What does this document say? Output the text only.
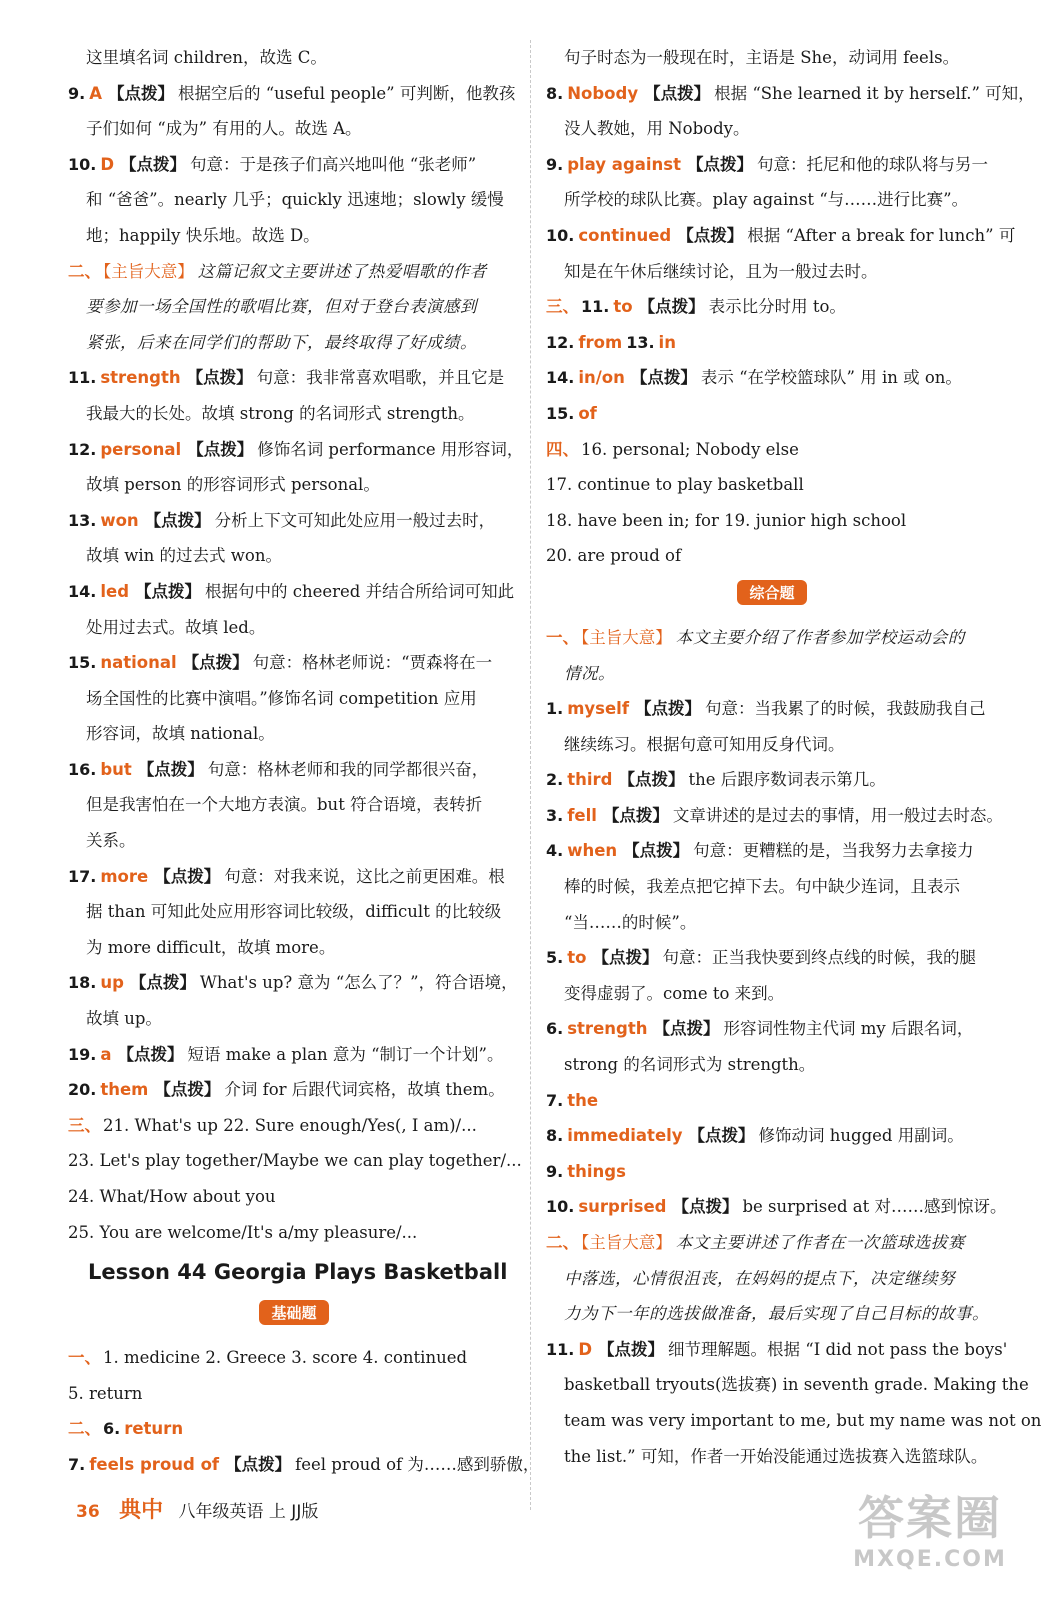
这里填名词 children，故选 C。
9. A 【点拨】 根据空后的 “useful people” 可判断，他教孩
子们如何 “成为” 有用的人。故选 A。
10. D 【点拨】 句意：于是孩子们高兴地叫他 “张老师”
和 “爸爸”。nearly 几乎；quickly 迅速地；slowly 缓慢
地；happily 快乐地。故选 D。
二、 【主旨大意】 这篇记叙文主要讲述了热爱唱歌的作者
要参加一场全国性的歌唱比赛，但对于登台表演感到
紧张，后来在同学们的帮助下，最终取得了好成绩。
11. strength 【点拨】 句意：我非常喜欢唱歌，并且它是
我最大的长处。故填 strong 的名词形式 strength。
12. personal 【点拨】 修饰名词 performance 用形容词，
故填 person 的形容词形式 personal。
13. won 【点拨】 分析上下文可知此处应用一般过去时，
故填 win 的过去式 won。
14. led 【点拨】 根据句中的 cheered 并结合所给词可知此
处用过去式。故填 led。
15. national 【点拨】 句意：格林老师说：“贾森将在一
场全国性的比赛中演唱。”修饰名词 competition 应用
形容词，故填 national。
16. but 【点拨】 句意：格林老师和我的同学都很兴奋，
但是我害怕在一个大地方表演。but 符合语境，表转折
关系。
17. more 【点拨】 句意：对我来说，这比之前更困难。根
据 than 可知此处应用形容词比较级，difficult 的比较级
为 more difficult，故填 more。
18. up 【点拨】 What's up? 意为 “怎么了？”，符合语境，
故填 up。
19. a 【点拨】 短语 make a plan 意为 “制订一个计划”。
20. them 【点拨】 介词 for 后跟代词宾格，故填 them。
三、 21. What's up 22. Sure enough/Yes(, I am)/...
23. Let's play together/Maybe we can play together/...
24. What/How about you
25. You are welcome/It's a/my pleasure/...
Lesson 44 Georgia Plays Basketball
基础题
一、 1. medicine 2. Greece 3. score 4. continued
5. return
二、 6. return
7. feels proud of 【点拨】 feel proud of 为……感到骄傲，
句子时态为一般现在时，主语是 She，动词用 feels。
8. Nobody 【点拨】 根据 “She learned it by herself.” 可知，
没人教她，用 Nobody。
9. play against 【点拨】 句意：托尼和他的球队将与另一
所学校的球队比赛。play against “与……进行比赛”。
10. continued 【点拨】 根据 “After a break for lunch” 可
知是在午休后继续讨论，且为一般过去时。
三、 11. to 【点拨】 表示比分时用 to。
12. from 13. in
14. in/on 【点拨】 表示 “在学校篮球队” 用 in 或 on。
15. of
四、 16. personal; Nobody else
17. continue to play basketball
18. have been in; for 19. junior high school
20. are proud of
综合题
一、 【主旨大意】 本文主要介绍了作者参加学校运动会的
情况。
1. myself 【点拨】 句意：当我累了的时候，我鼓励我自己
继续练习。根据句意可知用反身代词。
2. third 【点拨】 the 后跟序数词表示第几。
3. fell 【点拨】 文章讲述的是过去的事情，用一般过去时态。
4. when 【点拨】 句意：更糟糕的是，当我努力去拿接力
棒的时候，我差点把它掉下去。句中缺少连词，且表示
“当……的时候”。
5. to 【点拨】 句意：正当我快要到终点线的时候，我的腿
变得虚弱了。come to 来到。
6. strength 【点拨】 形容词性物主代词 my 后跟名词，
strong 的名词形式为 strength。
7. the
8. immediately 【点拨】 修饰动词 hugged 用副词。
9. things
10. surprised 【点拨】 be surprised at 对……感到惊讶。
二、 【主旨大意】 本文主要讲述了作者在一次篮球选拔赛
中落选，心情很沮丧，在妈妈的提点下，决定继续努
力为下一年的选拔做准备，最后实现了自己目标的故事。
11. D 【点拨】 细节理解题。根据 “I did not pass the boys'
basketball tryouts(选拔赛) in seventh grade. Making the
team was very important to me, but my name was not on
the list.” 可知，作者一开始没能通过选拔赛入选篮球队。
36 典中 八年级英语 上 JJ版	答案圈
MXQE.COM
